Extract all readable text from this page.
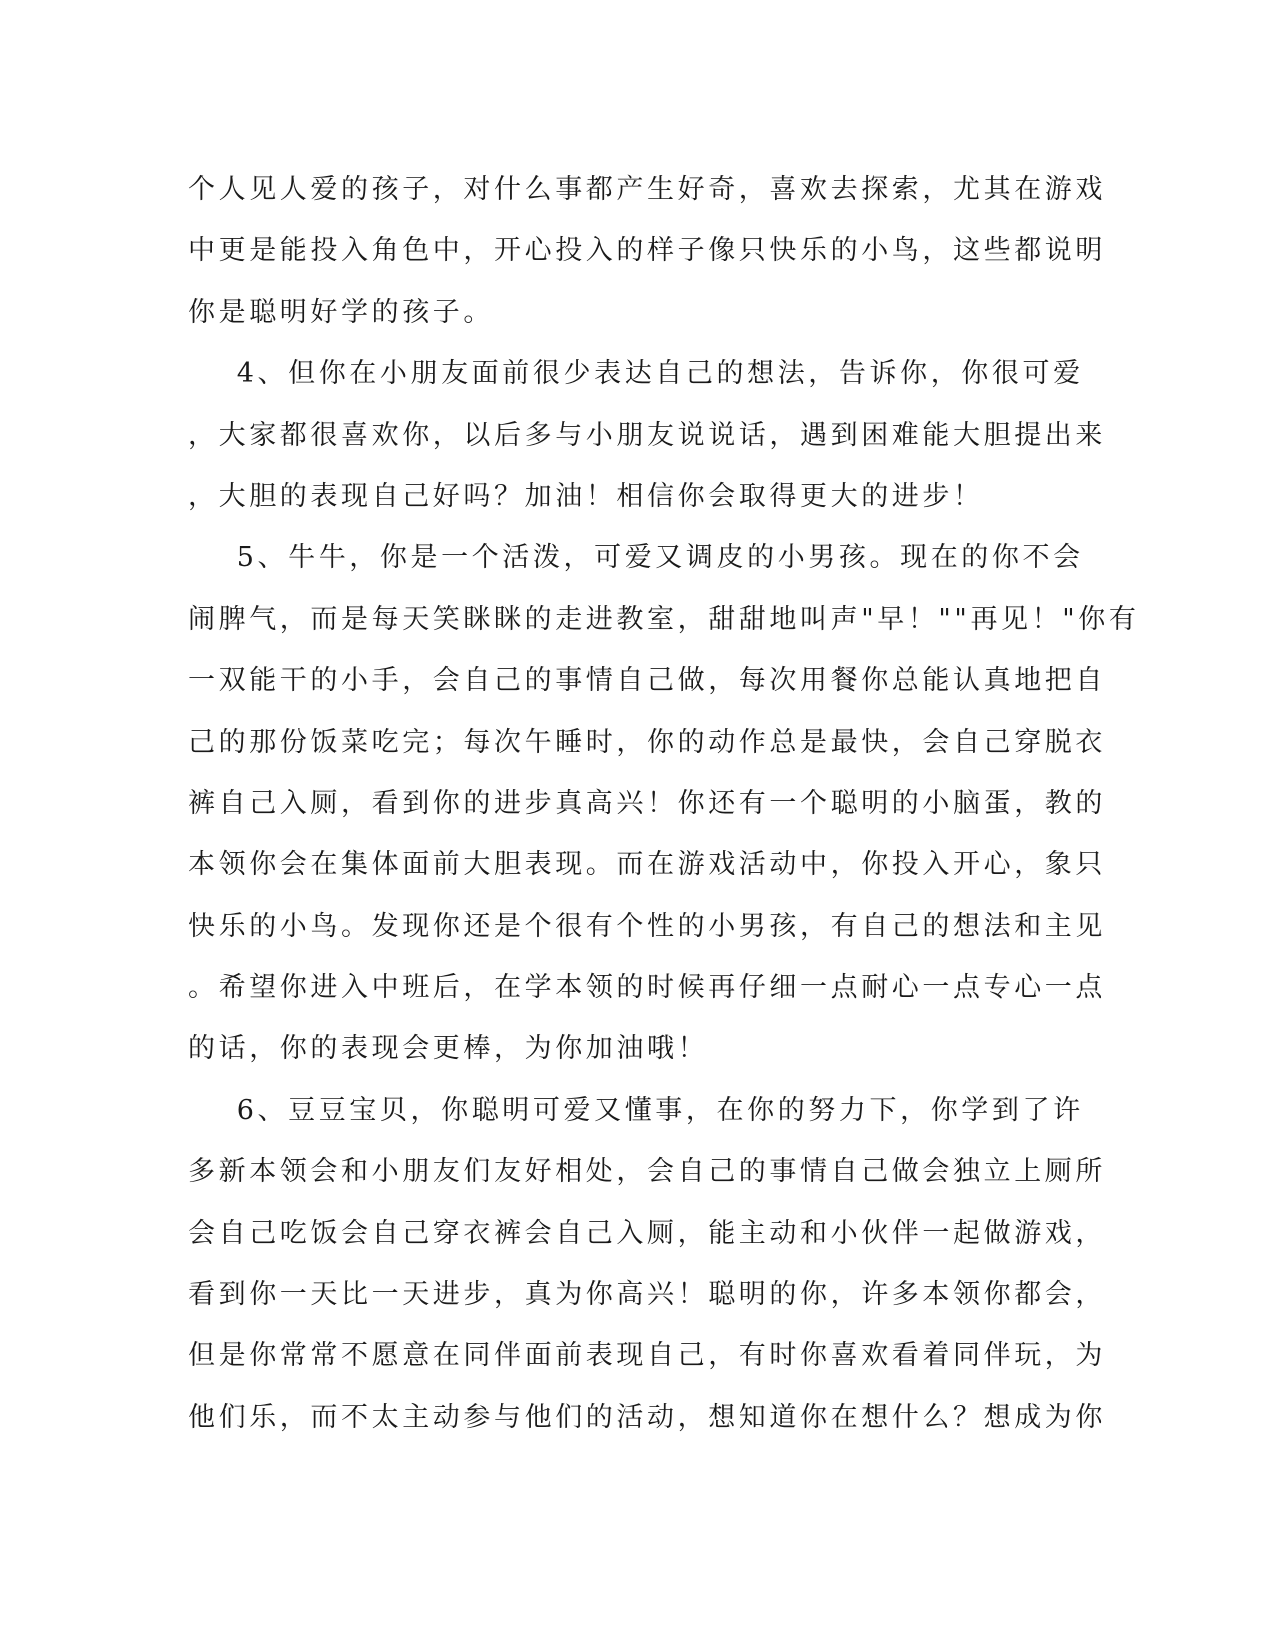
个人见人爱的孩子，对什么事都产生好奇，喜欢去探索，尤其在游戏
中更是能投入角色中，开心投入的样子像只快乐的小鸟，这些都说明
你是聪明好学的孩子。
4、但你在小朋友面前很少表达自己的想法，告诉你，你很可爱
，大家都很喜欢你，以后多与小朋友说说话，遇到困难能大胆提出来
，大胆的表现自己好吗？加油！相信你会取得更大的进步！
5、牛牛，你是一个活泼，可爱又调皮的小男孩。现在的你不会
闹脾气，而是每天笑眯眯的走进教室，甜甜地叫声"早！""再见！"你有
一双能干的小手，会自己的事情自己做，每次用餐你总能认真地把自
己的那份饭菜吃完；每次午睡时，你的动作总是最快，会自己穿脱衣
裤自己入厕，看到你的进步真高兴！你还有一个聪明的小脑蛋，教的
本领你会在集体面前大胆表现。而在游戏活动中，你投入开心，象只
快乐的小鸟。发现你还是个很有个性的小男孩，有自己的想法和主见
。希望你进入中班后，在学本领的时候再仔细一点耐心一点专心一点
的话，你的表现会更棒，为你加油哦！
6、豆豆宝贝，你聪明可爱又懂事，在你的努力下，你学到了许
多新本领会和小朋友们友好相处，会自己的事情自己做会独立上厕所
会自己吃饭会自己穿衣裤会自己入厕，能主动和小伙伴一起做游戏，
看到你一天比一天进步，真为你高兴！聪明的你，许多本领你都会，
但是你常常不愿意在同伴面前表现自己，有时你喜欢看着同伴玩，为
他们乐，而不太主动参与他们的活动，想知道你在想什么？想成为你
